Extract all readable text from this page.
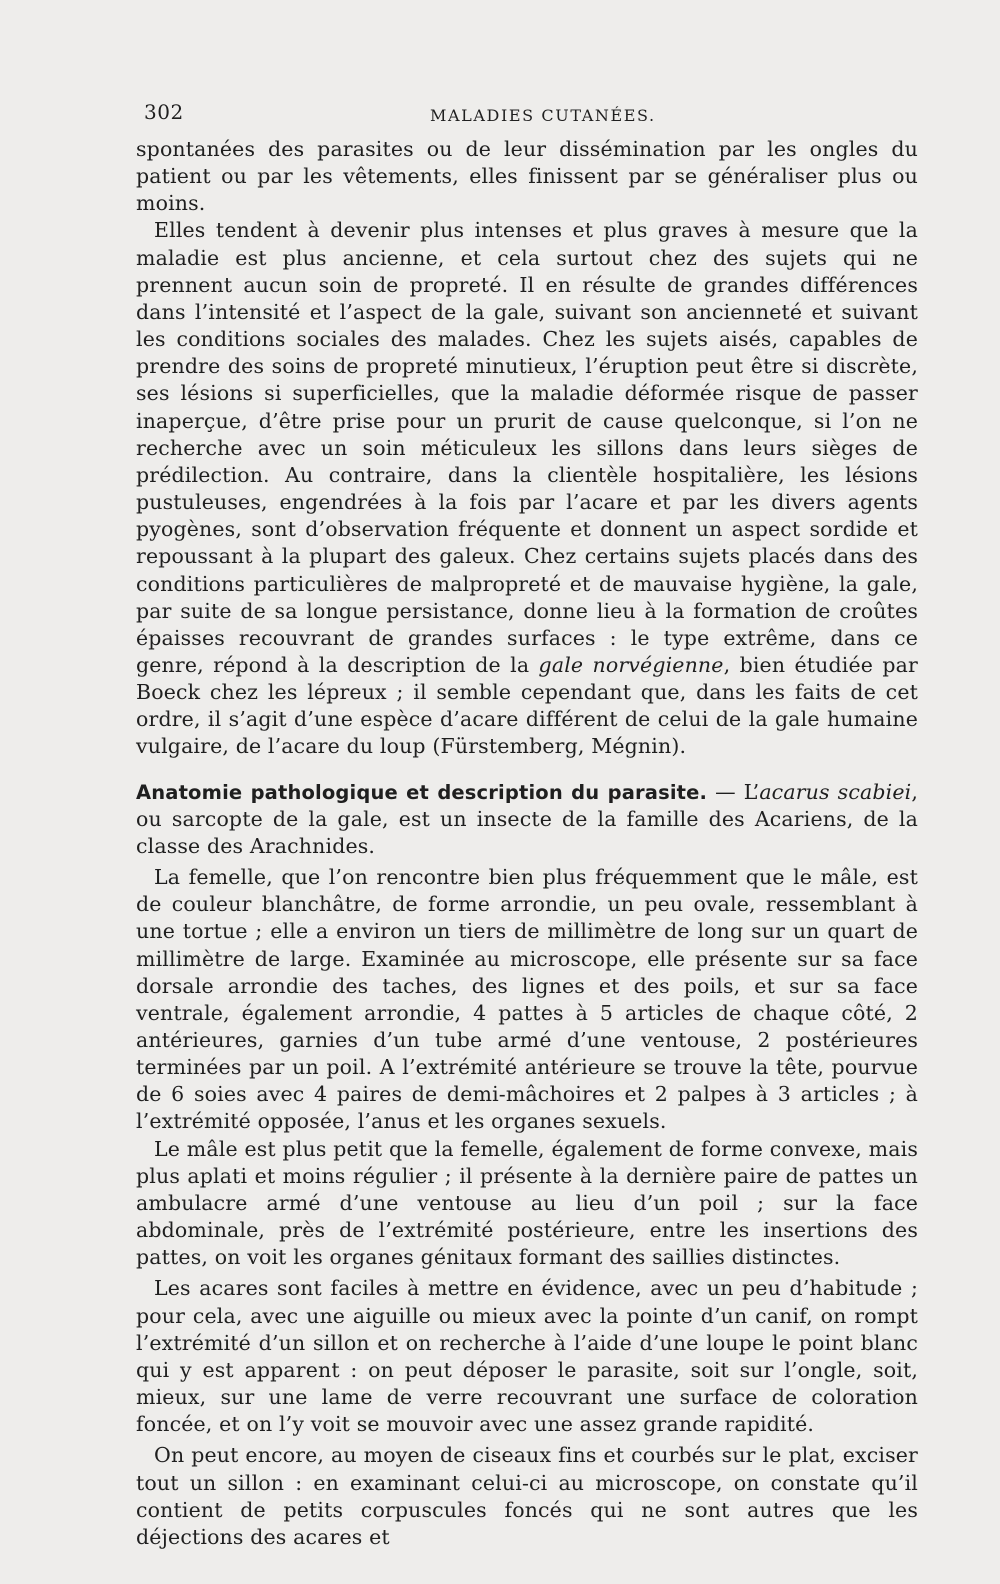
302	MALADIES CUTANÉES.

spontanées des parasites ou de leur dissémination par les ongles du patient ou par les vêtements, elles finissent par se généraliser plus ou moins.

Elles tendent à devenir plus intenses et plus graves à mesure que la maladie est plus ancienne, et cela surtout chez des sujets qui ne prennent aucun soin de propreté. Il en résulte de grandes différences dans l’intensité et l’aspect de la gale, suivant son ancienneté et suivant les conditions sociales des malades. Chez les sujets aisés, capables de prendre des soins de propreté minutieux, l’éruption peut être si discrète, ses lésions si superficielles, que la maladie déformée risque de passer inaperçue, d’être prise pour un prurit de cause quelconque, si l’on ne recherche avec un soin méticuleux les sillons dans leurs sièges de prédilection. Au contraire, dans la clientèle hospitalière, les lésions pustuleuses, engendrées à la fois par l’acare et par les divers agents pyogènes, sont d’observation fréquente et donnent un aspect sordide et repoussant à la plupart des galeux. Chez certains sujets placés dans des conditions particulières de malpropreté et de mauvaise hygiène, la gale, par suite de sa longue persistance, donne lieu à la formation de croûtes épaisses recouvrant de grandes surfaces : le type extrême, dans ce genre, répond à la description de la gale norvégienne, bien étudiée par Boeck chez les lépreux ; il semble cependant que, dans les faits de cet ordre, il s’agit d’une espèce d’acare différent de celui de la gale humaine vulgaire, de l’acare du loup (Fürstemberg, Mégnin).

Anatomie pathologique et description du parasite. — L’acarus scabiei, ou sarcopte de la gale, est un insecte de la famille des Acariens, de la classe des Arachnides.

La femelle, que l’on rencontre bien plus fréquemment que le mâle, est de couleur blanchâtre, de forme arrondie, un peu ovale, ressemblant à une tortue ; elle a environ un tiers de millimètre de long sur un quart de millimètre de large. Examinée au microscope, elle présente sur sa face dorsale arrondie des taches, des lignes et des poils, et sur sa face ventrale, également arrondie, 4 pattes à 5 articles de chaque côté, 2 antérieures, garnies d’un tube armé d’une ventouse, 2 postérieures terminées par un poil. A l’extrémité antérieure se trouve la tête, pourvue de 6 soies avec 4 paires de demi-mâchoires et 2 palpes à 3 articles ; à l’extrémité opposée, l’anus et les organes sexuels.

Le mâle est plus petit que la femelle, également de forme convexe, mais plus aplati et moins régulier ; il présente à la dernière paire de pattes un ambulacre armé d’une ventouse au lieu d’un poil ; sur la face abdominale, près de l’extrémité postérieure, entre les insertions des pattes, on voit les organes génitaux formant des saillies distinctes.

Les acares sont faciles à mettre en évidence, avec un peu d’habitude ; pour cela, avec une aiguille ou mieux avec la pointe d’un canif, on rompt l’extrémité d’un sillon et on recherche à l’aide d’une loupe le point blanc qui y est apparent : on peut déposer le parasite, soit sur l’ongle, soit, mieux, sur une lame de verre recouvrant une surface de coloration foncée, et on l’y voit se mouvoir avec une assez grande rapidité.

On peut encore, au moyen de ciseaux fins et courbés sur le plat, exciser tout un sillon : en examinant celui-ci au microscope, on constate qu’il contient de petits corpuscules foncés qui ne sont autres que les déjections des acares et
